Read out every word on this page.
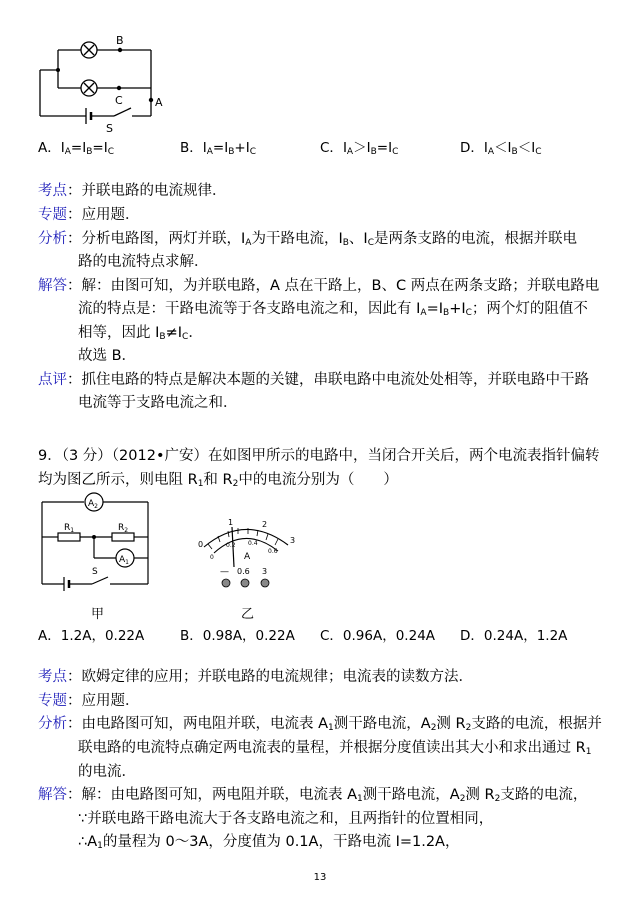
B
C	A
S
A．$I_A=I_B=I_C$	B．$I_A=I_B+I_C$	C．$I_A>I_B=I_C$	D．$I_A<I_B<I_C$
考点：并联电路的电流规律．
专题：应用题．
分析：分析电路图，两灯并联，$I_A$为干路电流，$I_B$、$I_C$是两条支路的电流，根据并联电
路的电流特点求解．
解答：解：由图可知，为并联电路，A 点在干路上，B、C 两点在两条支路；并联电路电
流的特点是：干路电流等于各支路电流之和，因此有 $I_A=I_B+I_C$；两个灯的阻值不
相等，因此 $I_B\ne I_C$．
故选 B．
点评：抓住电路的特点是解决本题的关键，串联电路中电流处处相等，并联电路中干路
电流等于支路电流之和．
9．（3 分）（2012•广安）在如图甲所示的电路中，当闭合开关后，两个电流表指针偏转
均为图乙所示，则电阻 $R_1$和 $R_2$中的电流分别为（　　）
$A_2$
$A_1$
$R_1$	$R_2$
S
甲
0
1	2
3
0
0.2 0.4
0.6
A
— 0.6 3
乙
A．1.2A，0.22A	B．0.98A，0.22A C．0.96A，0.24A D．0.24A，1.2A
考点：欧姆定律的应用；并联电路的电流规律；电流表的读数方法．
专题：应用题．
分析：由电路图可知，两电阻并联，电流表 $A_1$测干路电流，$A_2$测 $R_2$支路的电流，根据并
联电路的电流特点确定两电流表的量程，并根据分度值读出其大小和求出通过 $R_1$
的电流．
解答：解：由电路图可知，两电阻并联，电流表 $A_1$测干路电流，$A_2$测 $R_2$支路的电流，
∵并联电路干路电流大于各支路电流之和，且两指针的位置相同，
$\therefore A_1$的量程为 0～3A，分度值为 0.1A，干路电流 I=1.2A，
13
